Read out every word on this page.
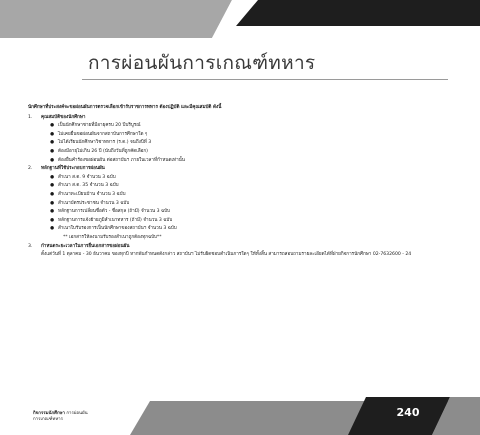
การผ่อนผันการเกณฑ์ทหาร
นักศึกษาที่ประสงค์จะขอผ่อนผันการตรวจเลือกเข้ารับราชการทหาร ต้องปฏิบัติ และมีคุณสมบัติ ดังนี้
1. คุณสมบัติของนักศึกษา
● เป็นนักศึกษาชายที่มีอายุครบ 20 ปีบริบูรณ์
● ไม่เคยยื่นขอผ่อนผันจากสถาบันการศึกษาใด ๆ
● ไม่ได้เรียนนักศึกษาวิชาทหาร (ร.ด.) จนถึงปีที่ 3
● ต้องมีอายุไม่เกิน 26 ปี (นับถึงวันที่ถูกคัดเลือก)
● ต้องยื่นคำร้องขอผ่อนผัน ต่อสถาบันฯ ภายในเวลาที่กำหนดเท่านั้น
2. หลักฐานที่ใช้ประกอบการผ่อนผัน
● สำเนา ส.ด. 9 จำนวน 3 ฉบับ
● สำเนา ส.ด. 35 จำนวน 3 ฉบับ
● สำเนาทะเบียนบ้าน จำนวน 3 ฉบับ
● สำเนาบัตรประชาชน จำนวน 3 ฉบับ
● หลักฐานการเปลี่ยนชื่อตัว - ชื่อสกุล (ถ้ามี) จำนวน 3 ฉบับ
● หลักฐานการแจ้งย้ายภูมิลำเนาทหาร (ถ้ามี) จำนวน 3 ฉบับ
● สำเนาใบรับรองการเป็นนักศึกษาของสถาบันฯ จำนวน 3 ฉบับ
** เอกสารให้ลงนามรับรองสำเนาถูกต้องทุกฉบับ**
3. กำหนดระยะเวลาในการยื่นเอกสารขอผ่อนผัน
ตั้งแต่วันที่ 1 ตุลาคม - 30 ธันวาคม ของทุกปี หากพ้นกำหนดดังกล่าว สถาบันฯ ไม่รับผิดชอบดำเนินการใดๆ ให้ทั้งสิ้น สามารถสอบถามรายละเอียดได้ที่ฝ่ายกิจการนักศึกษา 02-7632600 - 24
240
กิจกรรมนักศึกษา การผ่อนผัน
การเกณฑ์ทหาร
